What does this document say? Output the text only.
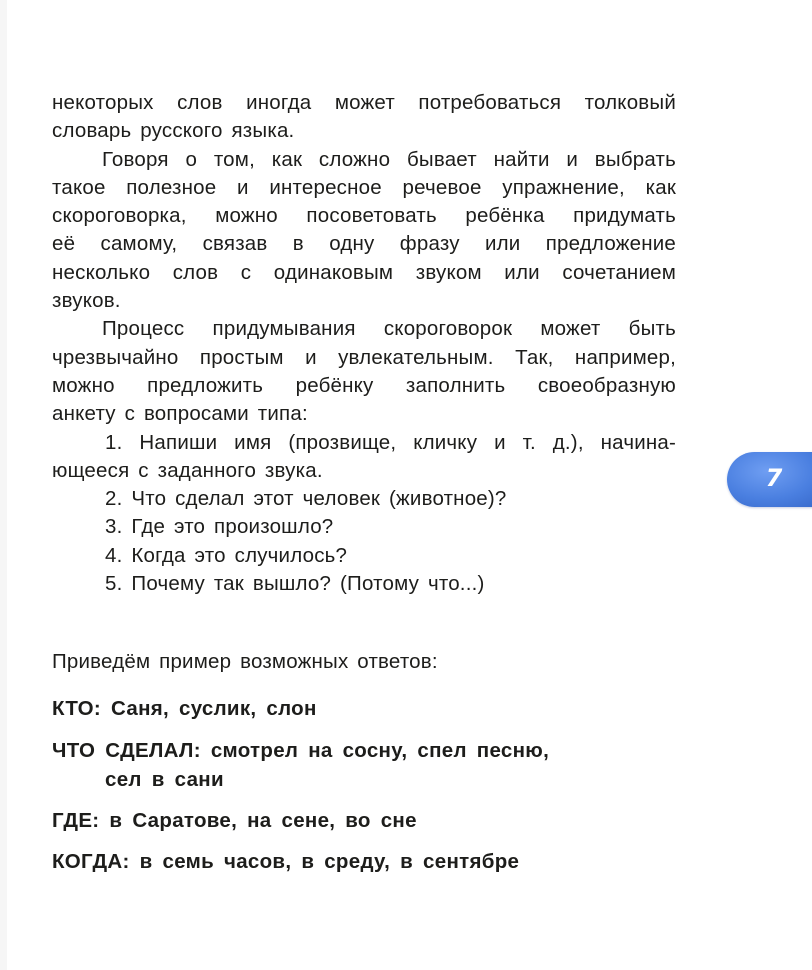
некоторых слов иногда может потребоваться толковый
словарь русского языка.
Говоря о том, как сложно бывает найти и выбрать
такое полезное и интересное речевое упражнение, как
скороговорка, можно посоветовать ребёнка придумать
её самому, связав в одну фразу или предложение
несколько слов с одинаковым звуком или сочетанием
звуков.
Процесс придумывания скороговорок может быть
чрезвычайно простым и увлекательным. Так, например,
можно предложить ребёнку заполнить своеобразную
анкету с вопросами типа:
1. Напиши имя (прозвище, кличку и т. д.), начина-
ющееся с заданного звука.
2. Что сделал этот человек (животное)?
3. Где это произошло?
4. Когда это случилось?
5. Почему так вышло? (Потому что...)
Приведём пример возможных ответов:
КТО: Саня, суслик, слон
ЧТО СДЕЛАЛ: смотрел на сосну, спел песню,
сел в сани
ГДЕ: в Саратове, на сене, во сне
КОГДА: в семь часов, в среду, в сентябре
7
